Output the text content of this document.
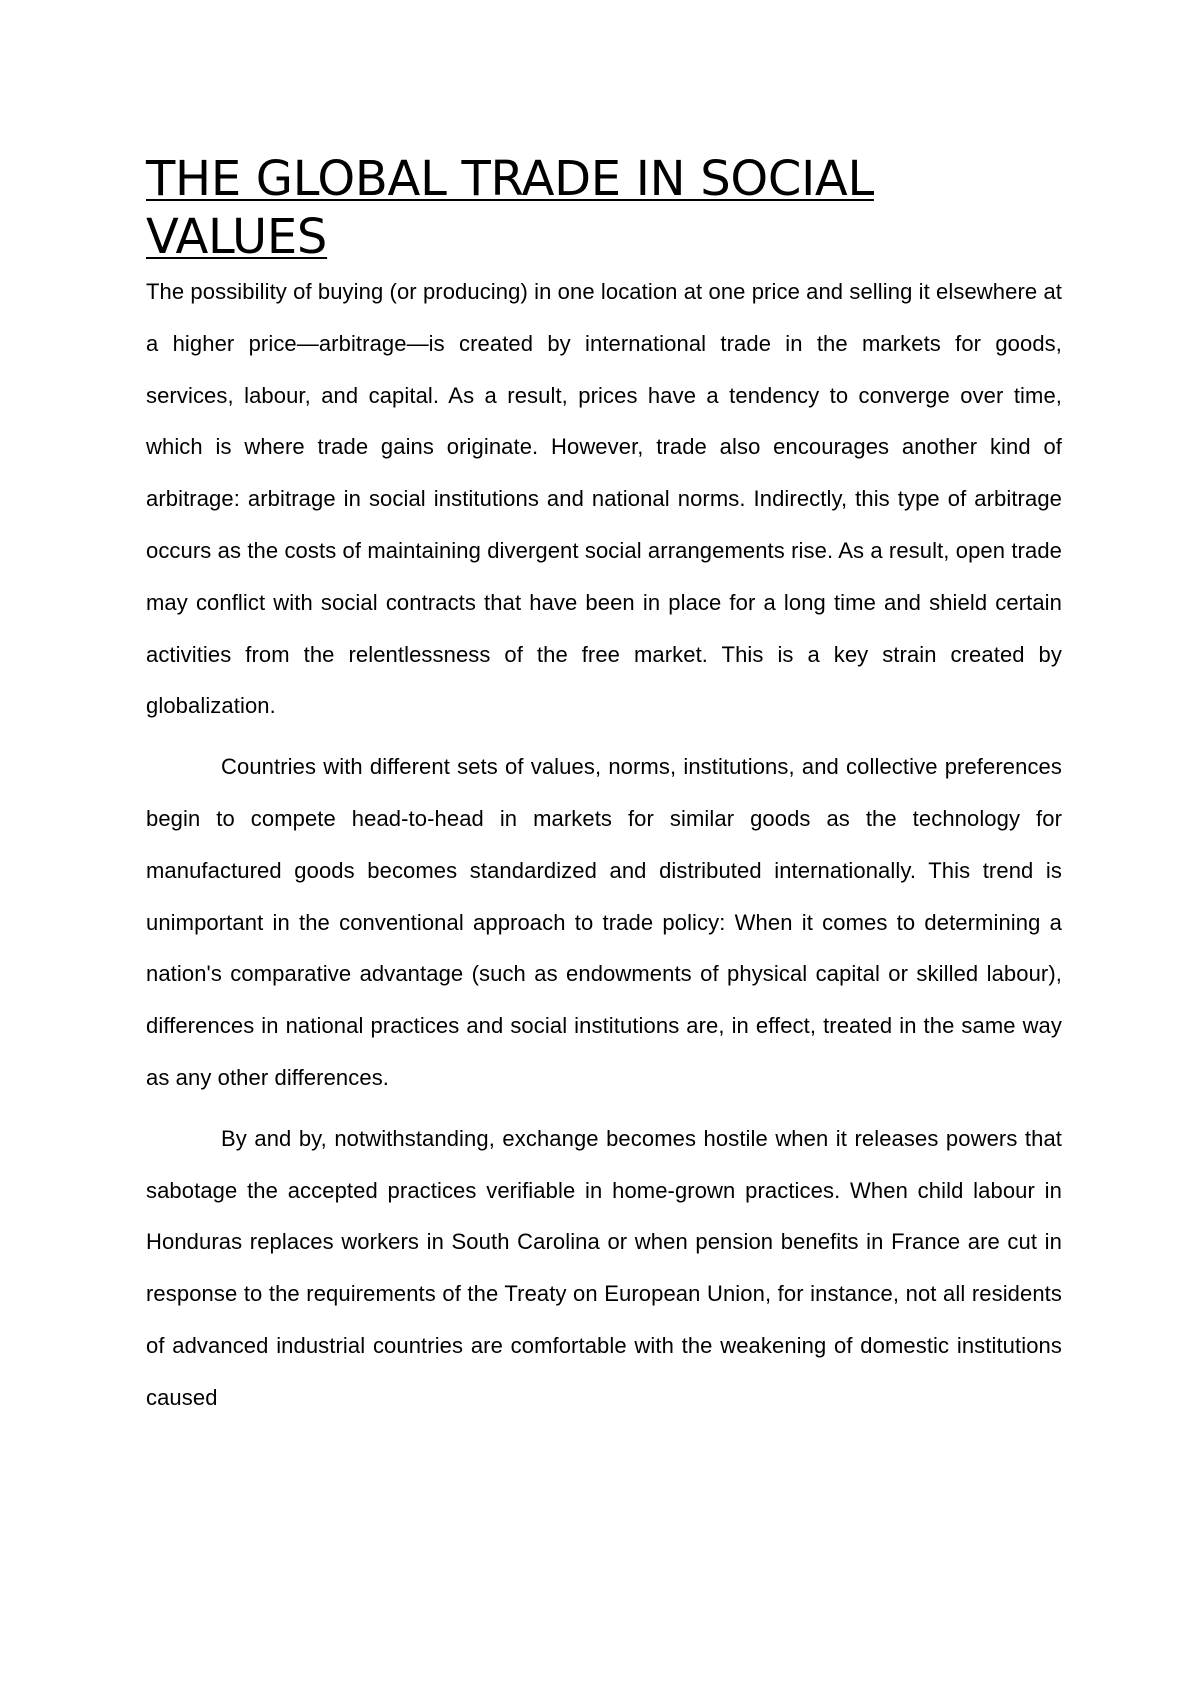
THE GLOBAL TRADE IN SOCIAL VALUES

The possibility of buying (or producing) in one location at one price and selling it elsewhere at a higher price—arbitrage—is created by international trade in the markets for goods, services, labour, and capital. As a result, prices have a tendency to converge over time, which is where trade gains originate. However, trade also encourages another kind of arbitrage: arbitrage in social institutions and national norms. Indirectly, this type of arbitrage occurs as the costs of maintaining divergent social arrangements rise. As a result, open trade may conflict with social contracts that have been in place for a long time and shield certain activities from the relentlessness of the free market. This is a key strain created by globalization.

Countries with different sets of values, norms, institutions, and collective preferences begin to compete head-to-head in markets for similar goods as the technology for manufactured goods becomes standardized and distributed internationally. This trend is unimportant in the conventional approach to trade policy: When it comes to determining a nation's comparative advantage (such as endowments of physical capital or skilled labour), differences in national practices and social institutions are, in effect, treated in the same way as any other differences.

By and by, notwithstanding, exchange becomes hostile when it releases powers that sabotage the accepted practices verifiable in home-grown practices. When child labour in Honduras replaces workers in South Carolina or when pension benefits in France are cut in response to the requirements of the Treaty on European Union, for instance, not all residents of advanced industrial countries are comfortable with the weakening of domestic institutions caused
